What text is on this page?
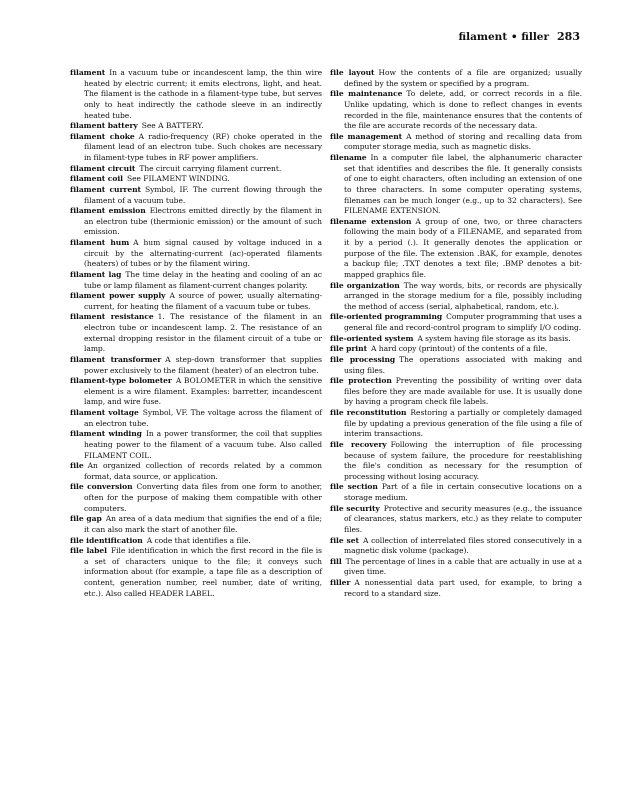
filament • filler 283

filament In a vacuum tube or incandescent lamp, the thin wire heated by electric current; it emits electrons, light, and heat. The filament is the cathode in a filament-type tube, but serves only to heat indirectly the cathode sleeve in an indirectly heated tube.

filament battery See A BATTERY.

filament choke A radio-frequency (RF) choke operated in the filament lead of an electron tube. Such chokes are necessary in filament-type tubes in RF power amplifiers.

filament circuit The circuit carrying filament current.

filament coil See FILAMENT WINDING.

filament current Symbol, IF. The current flowing through the filament of a vacuum tube.

filament emission Electrons emitted directly by the filament in an electron tube (thermionic emission) or the amount of such emission.

filament hum A hum signal caused by voltage induced in a circuit by the alternating-current (ac)-operated filaments (heaters) of tubes or by the filament wiring.

filament lag The time delay in the heating and cooling of an ac tube or lamp filament as filament-current changes polarity.

filament power supply A source of power, usually alternating-current, for heating the filament of a vacuum tube or tubes.

filament resistance 1. The resistance of the filament in an electron tube or incandescent lamp. 2. The resistance of an external dropping resistor in the filament circuit of a tube or lamp.

filament transformer A step-down transformer that supplies power exclusively to the filament (heater) of an electron tube.

filament-type bolometer A BOLOMETER in which the sensitive element is a wire filament. Examples: barretter, incandescent lamp, and wire fuse.

filament voltage Symbol, VF. The voltage across the filament of an electron tube.

filament winding In a power transformer, the coil that supplies heating power to the filament of a vacuum tube. Also called FILAMENT COIL.

file An organized collection of records related by a common format, data source, or application.

file conversion Converting data files from one form to another, often for the purpose of making them compatible with other computers.

file gap An area of a data medium that signifies the end of a file; it can also mark the start of another file.

file identification A code that identifies a file.

file label File identification in which the first record in the file is a set of characters unique to the file; it conveys such information about (for example, a tape file as a description of content, generation number, reel number, date of writing, etc.). Also called HEADER LABEL.

file layout How the contents of a file are organized; usually defined by the system or specified by a program.

file maintenance To delete, add, or correct records in a file. Unlike updating, which is done to reflect changes in events recorded in the file, maintenance ensures that the contents of the file are accurate records of the necessary data.

file management A method of storing and recalling data from computer storage media, such as magnetic disks.

filename In a computer file label, the alphanumeric character set that identifies and describes the file. It generally consists of one to eight characters, often including an extension of one to three characters. In some computer operating systems, filenames can be much longer (e.g., up to 32 characters). See FILENAME EXTENSION.

filename extension A group of one, two, or three characters following the main body of a FILENAME, and separated from it by a period (.). It generally denotes the application or purpose of the file. The extension .BAK, for example, denotes a backup file; .TXT denotes a text file; .BMP denotes a bit-mapped graphics file.

file organization The way words, bits, or records are physically arranged in the storage medium for a file, possibly including the method of access (serial, alphabetical, random, etc.).

file-oriented programming Computer programming that uses a general file and record-control program to simplify I/O coding.

file-oriented system A system having file storage as its basis.

file print A hard copy (printout) of the contents of a file.

file processing The operations associated with making and using files.

file protection Preventing the possibility of writing over data files before they are made available for use. It is usually done by having a program check file labels.

file reconstitution Restoring a partially or completely damaged file by updating a previous generation of the file using a file of interim transactions.

file recovery Following the interruption of file processing because of system failure, the procedure for reestablishing the file's condition as necessary for the resumption of processing without losing accuracy.

file section Part of a file in certain consecutive locations on a storage medium.

file security Protective and security measures (e.g., the issuance of clearances, status markers, etc.) as they relate to computer files.

file set A collection of interrelated files stored consecutively in a magnetic disk volume (package).

fill The percentage of lines in a cable that are actually in use at a given time.

filler A nonessential data part used, for example, to bring a record to a standard size.
